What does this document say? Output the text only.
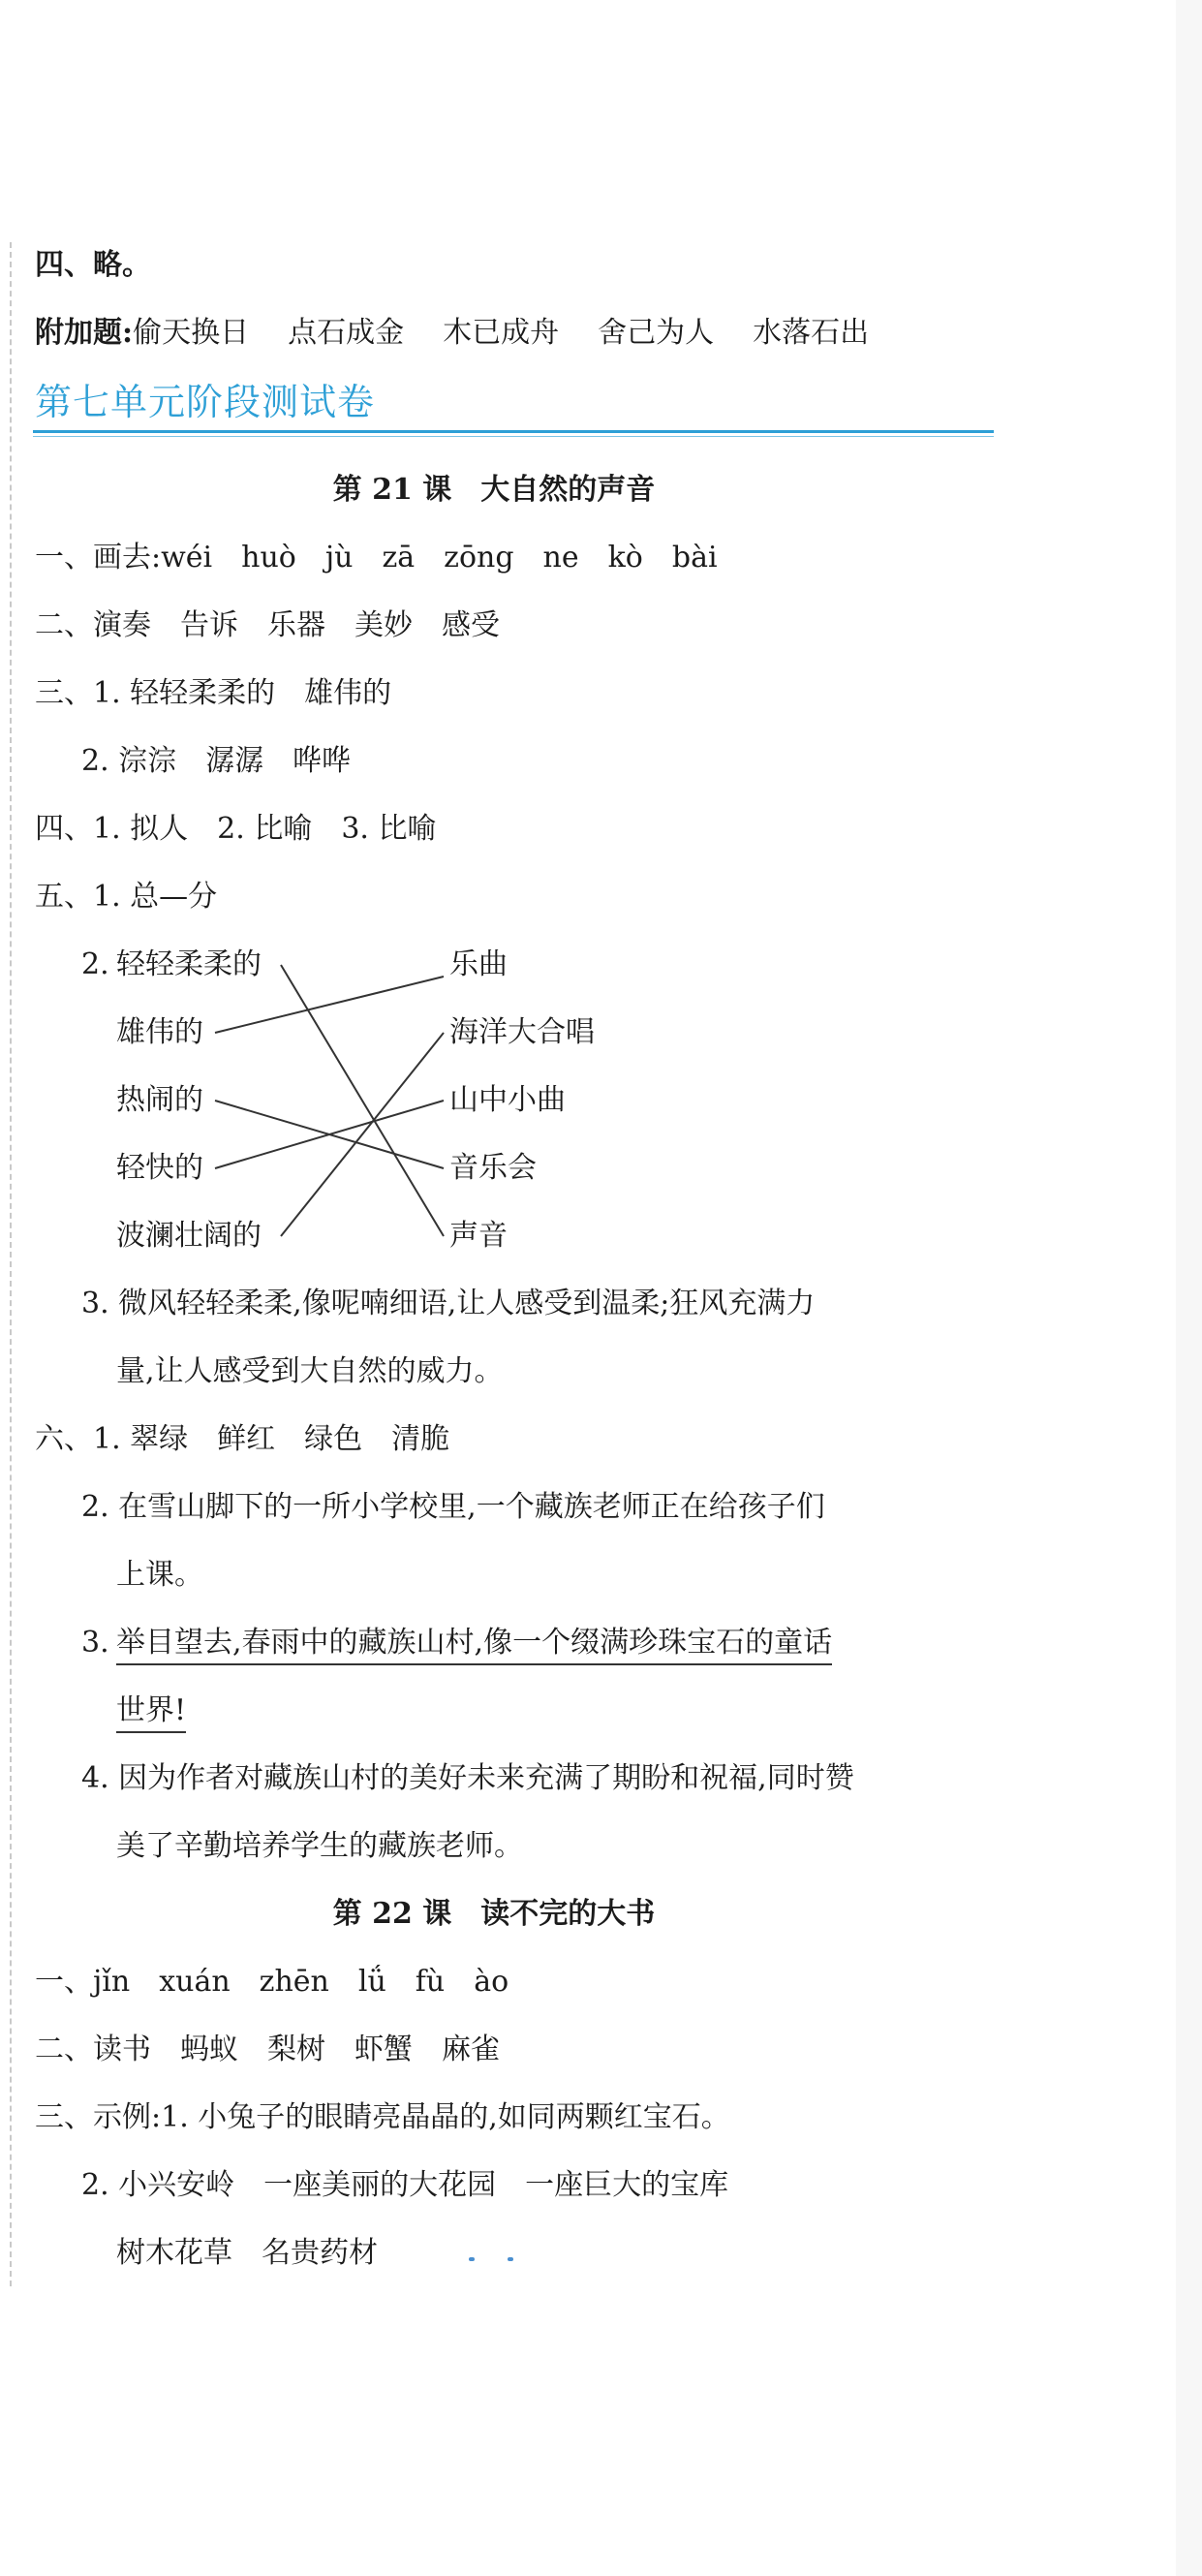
四、略。
附加题:偷天换日 点石成金 木已成舟 舍己为人 水落石出
第七单元阶段测试卷
第 21 课　大自然的声音
一、画去:wéi　huò　jù　zā　zōng　ne　kò　bài
二、演奏　告诉　乐器　美妙　感受
三、1. 轻轻柔柔的　雄伟的
2. 淙淙　潺潺　哗哗
四、1. 拟人　2. 比喻　3. 比喻
五、1. 总—分
2. 轻轻柔柔的
雄伟的
热闹的
轻快的
波澜壮阔的
乐曲
海洋大合唱
山中小曲
音乐会
声音
3. 微风轻轻柔柔,像呢喃细语,让人感受到温柔;狂风充满力
量,让人感受到大自然的威力。
六、1. 翠绿　鲜红　绿色　清脆
2. 在雪山脚下的一所小学校里,一个藏族老师正在给孩子们
上课。
3. 举目望去,春雨中的藏族山村,像一个缀满珍珠宝石的童话
世界!
4. 因为作者对藏族山村的美好未来充满了期盼和祝福,同时赞
美了辛勤培养学生的藏族老师。
第 22 课　读不完的大书
一、jǐn　xuán　zhēn　lǘ　fù　ào
二、读书　蚂蚁　梨树　虾蟹　麻雀
三、示例:1. 小兔子的眼睛亮晶晶的,如同两颗红宝石。
2. 小兴安岭　一座美丽的大花园　一座巨大的宝库
树木花草　名贵药材
